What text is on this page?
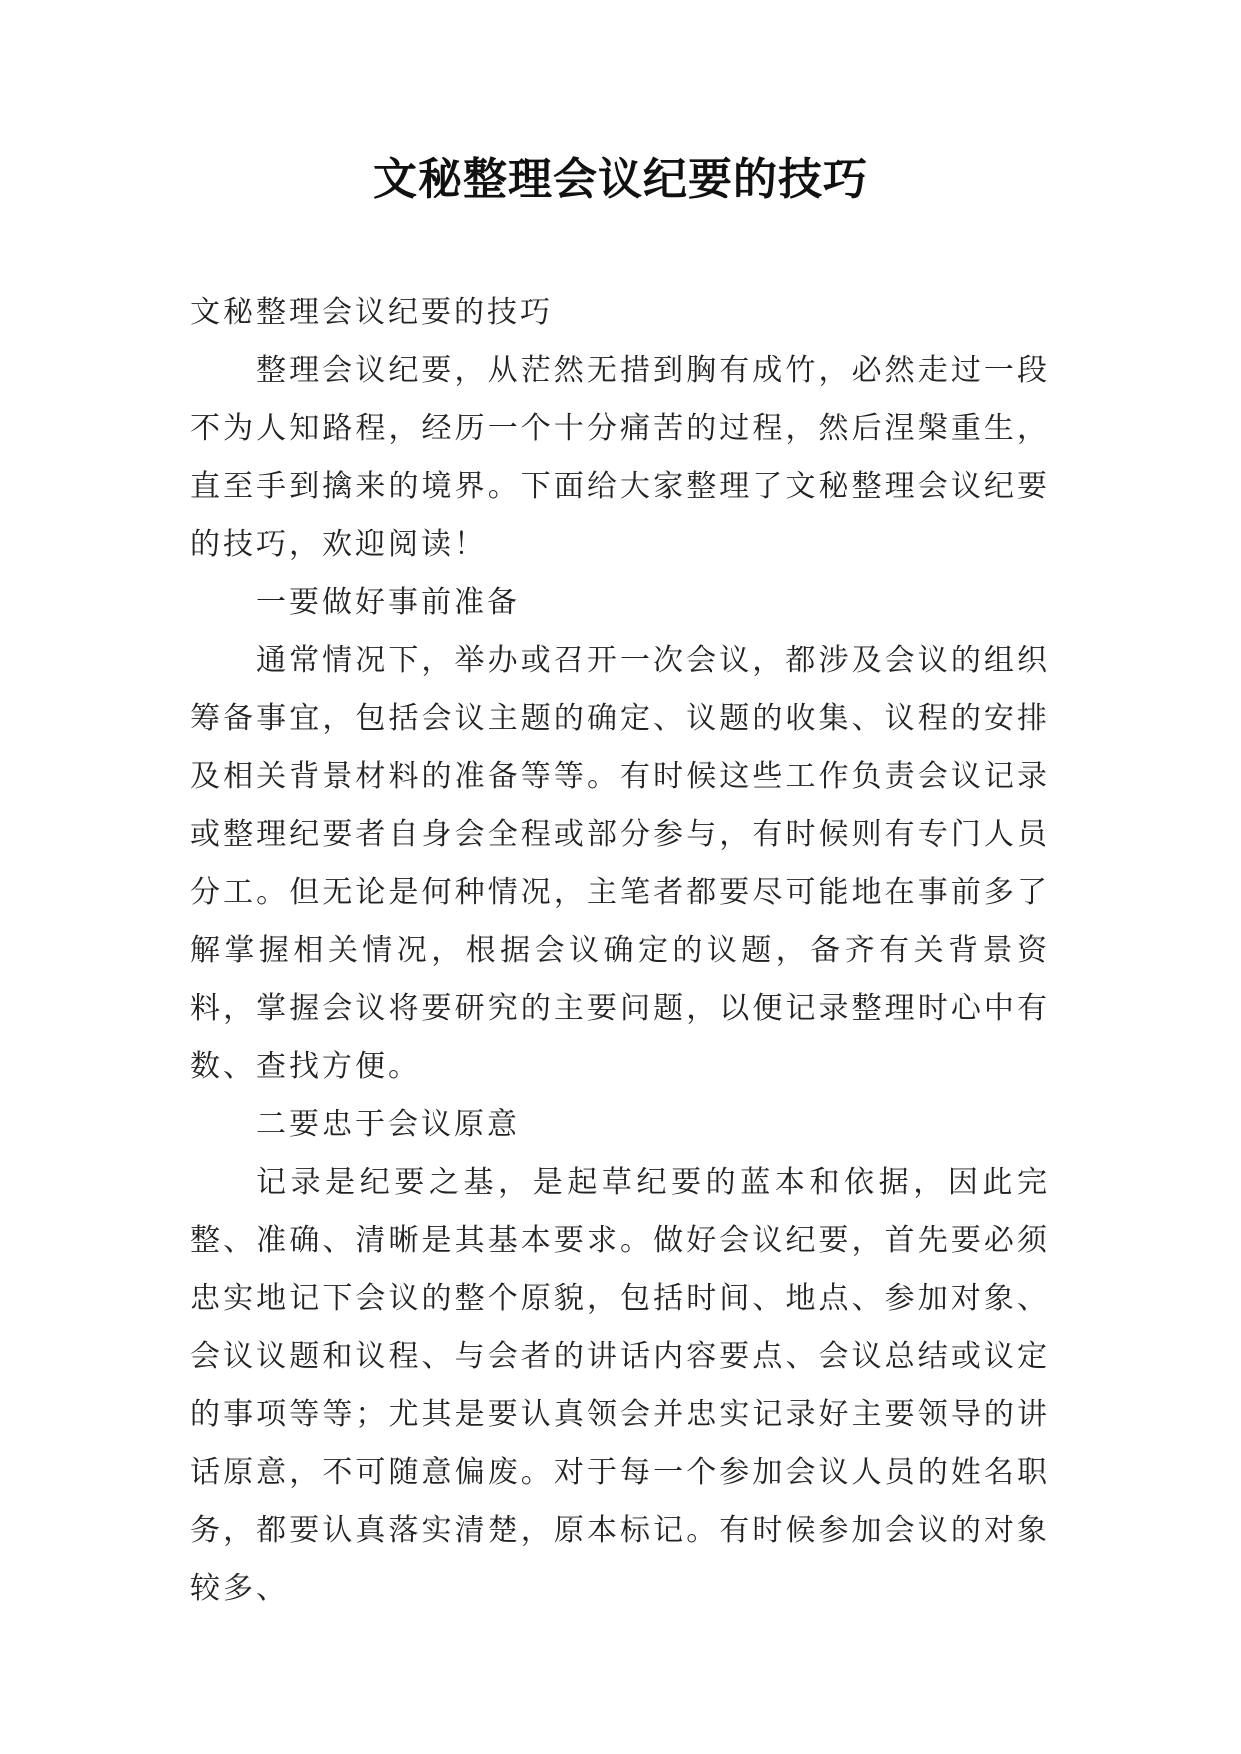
文秘整理会议纪要的技巧

文秘整理会议纪要的技巧

整理会议纪要，从茫然无措到胸有成竹，必然走过一段不为人知路程，经历一个十分痛苦的过程，然后涅槃重生，直至手到擒来的境界。下面给大家整理了文秘整理会议纪要的技巧，欢迎阅读！

一要做好事前准备

通常情况下，举办或召开一次会议，都涉及会议的组织筹备事宜，包括会议主题的确定、议题的收集、议程的安排及相关背景材料的准备等等。有时候这些工作负责会议记录或整理纪要者自身会全程或部分参与，有时候则有专门人员分工。但无论是何种情况，主笔者都要尽可能地在事前多了解掌握相关情况，根据会议确定的议题，备齐有关背景资料，掌握会议将要研究的主要问题，以便记录整理时心中有数、查找方便。

二要忠于会议原意

记录是纪要之基，是起草纪要的蓝本和依据，因此完整、准确、清晰是其基本要求。做好会议纪要，首先要必须忠实地记下会议的整个原貌，包括时间、地点、参加对象、会议议题和议程、与会者的讲话内容要点、会议总结或议定的事项等等；尤其是要认真领会并忠实记录好主要领导的讲话原意，不可随意偏废。对于每一个参加会议人员的姓名职务，都要认真落实清楚，原本标记。有时候参加会议的对象较多、
